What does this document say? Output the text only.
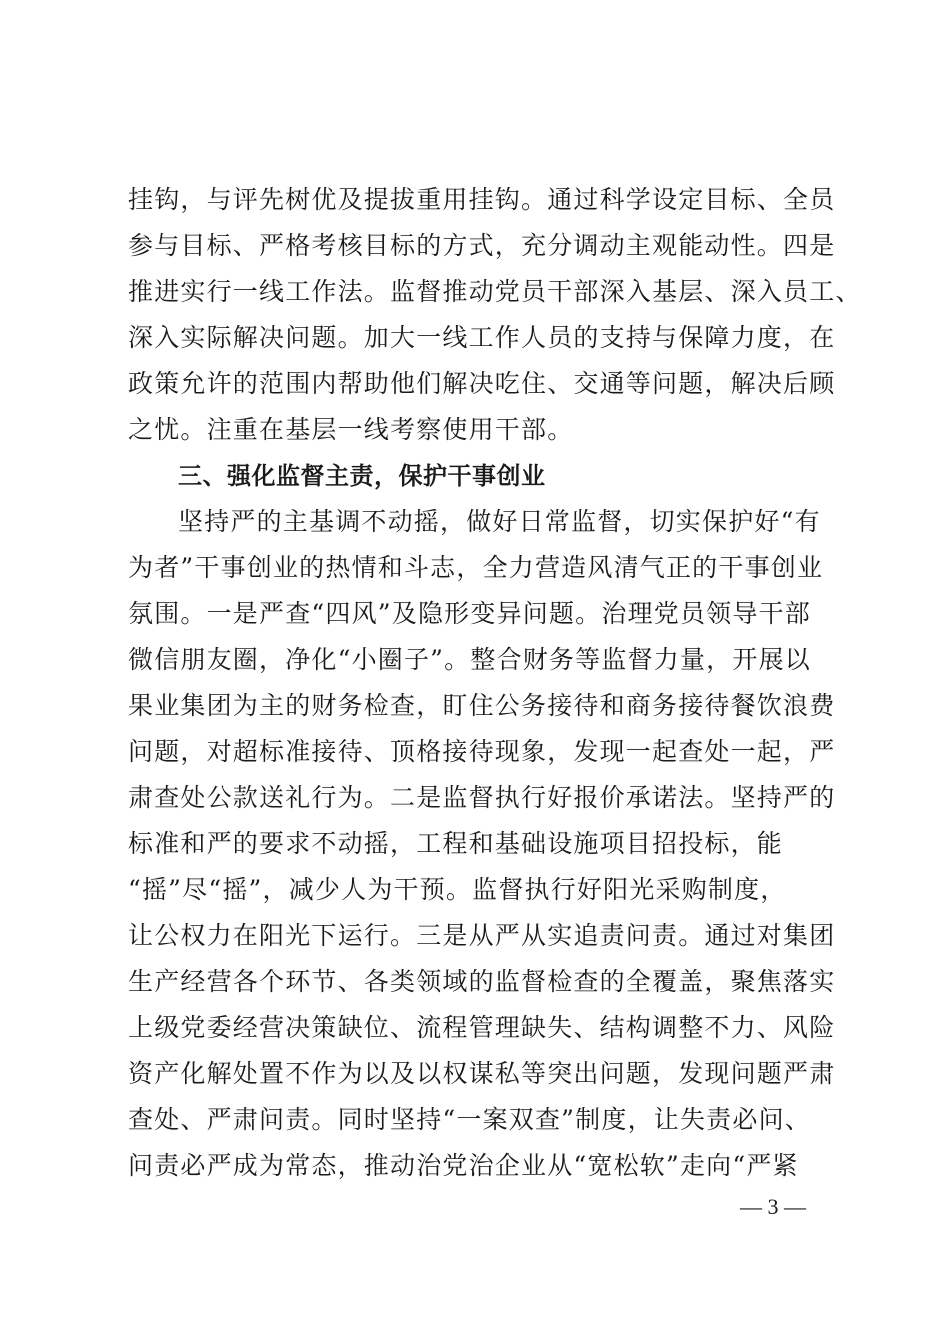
挂钩，与评先树优及提拔重用挂钩。通过科学设定目标、全员
参与目标、严格考核目标的方式，充分调动主观能动性。四是
推进实行一线工作法。监督推动党员干部深入基层、深入员工、
深入实际解决问题。加大一线工作人员的支持与保障力度，在
政策允许的范围内帮助他们解决吃住、交通等问题，解决后顾
之忧。注重在基层一线考察使用干部。
三、强化监督主责，保护干事创业
坚持严的主基调不动摇，做好日常监督，切实保护好“有
为者”干事创业的热情和斗志，全力营造风清气正的干事创业
氛围。一是严查“四风”及隐形变异问题。治理党员领导干部
微信朋友圈，净化“小圈子”。整合财务等监督力量，开展以
果业集团为主的财务检查，盯住公务接待和商务接待餐饮浪费
问题，对超标准接待、顶格接待现象，发现一起查处一起，严
肃查处公款送礼行为。二是监督执行好报价承诺法。坚持严的
标准和严的要求不动摇，工程和基础设施项目招投标，能
“摇”尽“摇”，减少人为干预。监督执行好阳光采购制度，
让公权力在阳光下运行。三是从严从实追责问责。通过对集团
生产经营各个环节、各类领域的监督检查的全覆盖，聚焦落实
上级党委经营决策缺位、流程管理缺失、结构调整不力、风险
资产化解处置不作为以及以权谋私等突出问题，发现问题严肃
查处、严肃问责。同时坚持“一案双查”制度，让失责必问、
问责必严成为常态，推动治党治企业从“宽松软”走向“严紧
— 3 —
